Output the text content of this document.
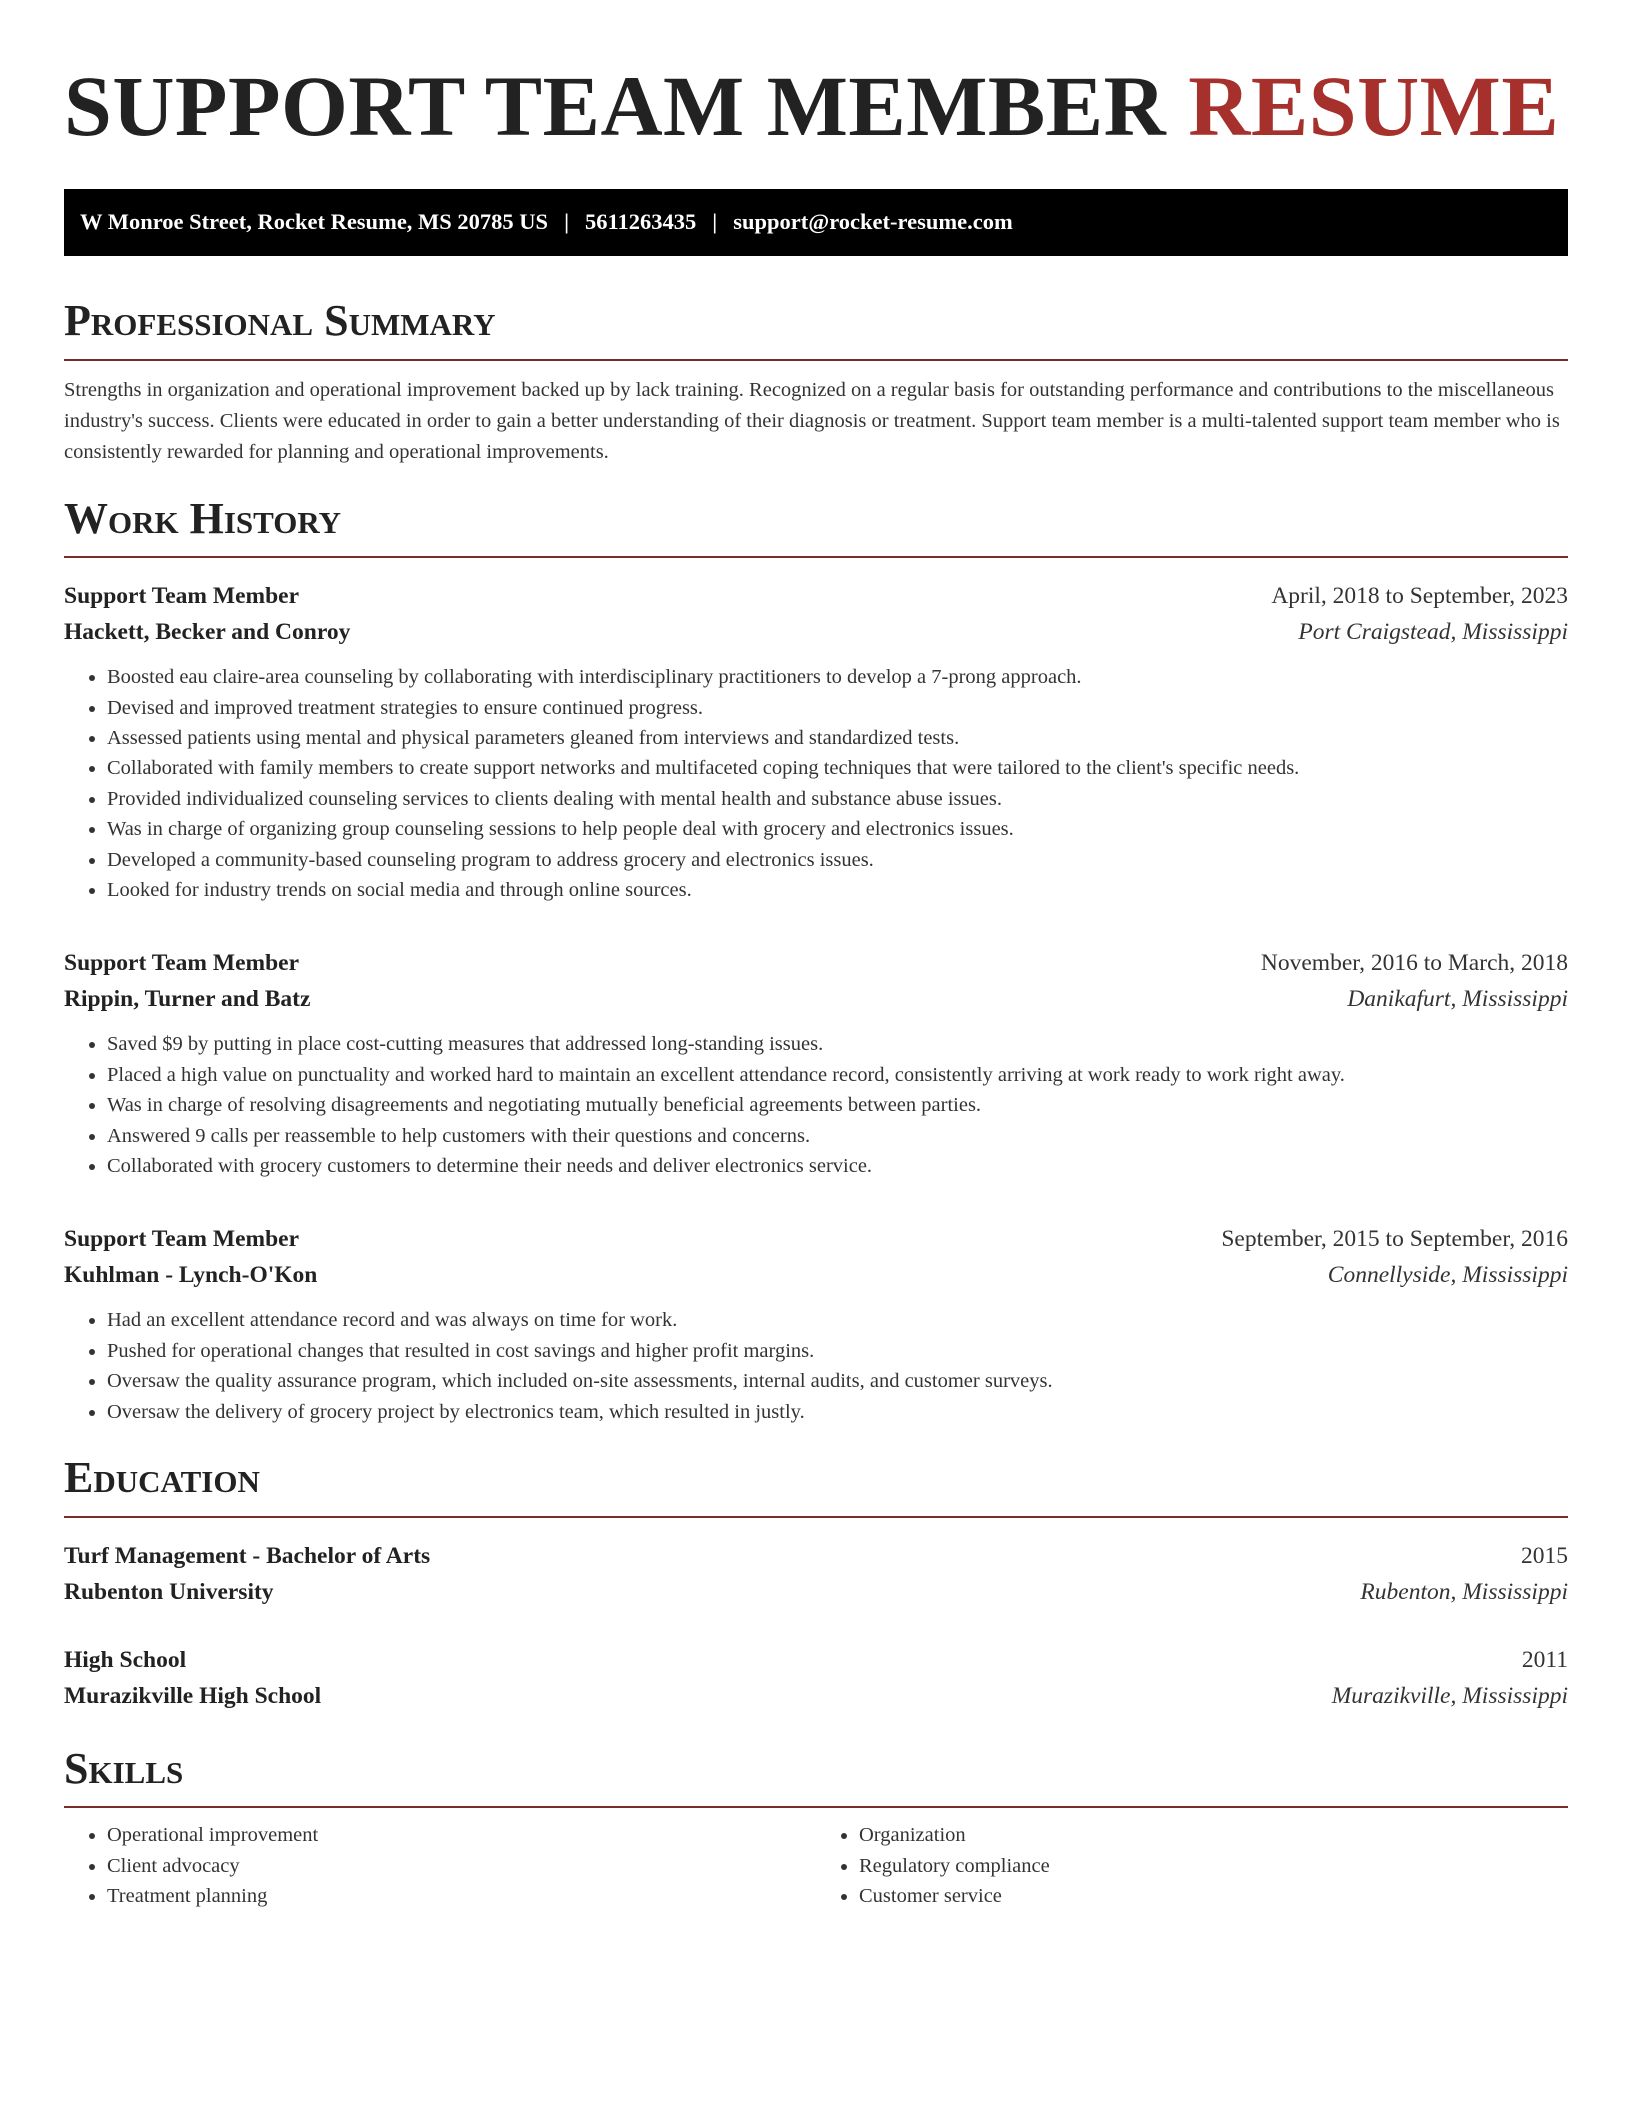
SUPPORT TEAM MEMBER RESUME
W Monroe Street, Rocket Resume, MS 20785 US | 5611263435 | support@rocket-resume.com
Professional Summary

Strengths in organization and operational improvement backed up by lack training. Recognized on a regular basis for outstanding performance and contributions to the miscellaneous industry's success. Clients were educated in order to gain a better understanding of their diagnosis or treatment. Support team member is a multi-talented support team member who is consistently rewarded for planning and operational improvements.

Work History
Support Team Member	April, 2018 to September, 2023
Hackett, Becker and Conroy	Port Craigstead, Mississippi
• Boosted eau claire-area counseling by collaborating with interdisciplinary practitioners to develop a 7-prong approach.
• Devised and improved treatment strategies to ensure continued progress.
• Assessed patients using mental and physical parameters gleaned from interviews and standardized tests.
• Collaborated with family members to create support networks and multifaceted coping techniques that were tailored to the client's specific needs.
• Provided individualized counseling services to clients dealing with mental health and substance abuse issues.
• Was in charge of organizing group counseling sessions to help people deal with grocery and electronics issues.
• Developed a community-based counseling program to address grocery and electronics issues.
• Looked for industry trends on social media and through online sources.
Support Team Member	November, 2016 to March, 2018
Rippin, Turner and Batz	Danikafurt, Mississippi
• Saved $9 by putting in place cost-cutting measures that addressed long-standing issues.
• Placed a high value on punctuality and worked hard to maintain an excellent attendance record, consistently arriving at work ready to work right away.
• Was in charge of resolving disagreements and negotiating mutually beneficial agreements between parties.
• Answered 9 calls per reassemble to help customers with their questions and concerns.
• Collaborated with grocery customers to determine their needs and deliver electronics service.
Support Team Member	September, 2015 to September, 2016
Kuhlman - Lynch-O'Kon	Connellyside, Mississippi
• Had an excellent attendance record and was always on time for work.
• Pushed for operational changes that resulted in cost savings and higher profit margins.
• Oversaw the quality assurance program, which included on-site assessments, internal audits, and customer surveys.
• Oversaw the delivery of grocery project by electronics team, which resulted in justly.
Education
Turf Management - Bachelor of Arts	2015
Rubenton University	Rubenton, Mississippi
High School	2011
Murazikville High School	Murazikville, Mississippi
Skills
• Operational improvement
• Client advocacy
• Treatment planning
• Organization
• Regulatory compliance
• Customer service
